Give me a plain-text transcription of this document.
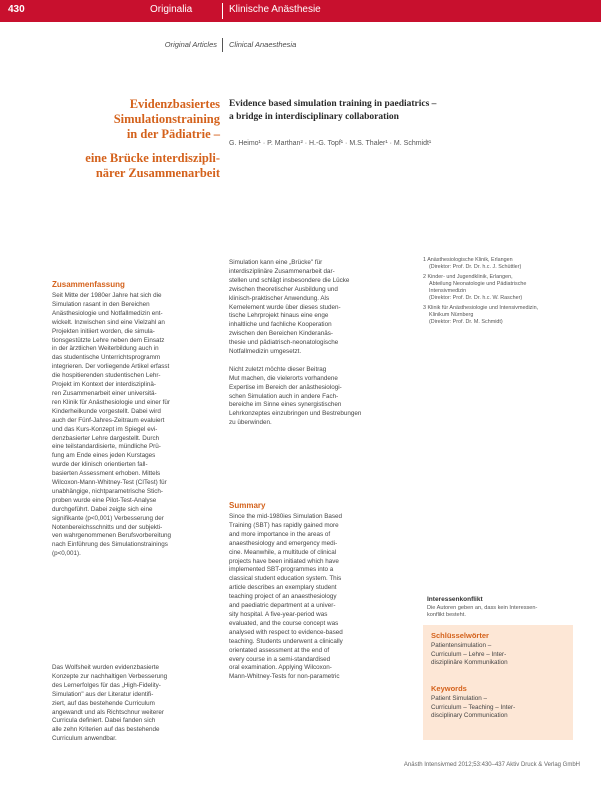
430	Originalia	Klinische Anästhesie
Original Articles Clinical Anaesthesia
Evidenzbasiertes
Simulationstraining
in der Pädiatrie –
eine Brücke interdiszipli-
närer Zusammenarbeit
Evidence based simulation training in paediatrics –
a bridge in interdisciplinary collaboration
G. Heimo¹ · P. Marthan² · H.-G. Topf¹ · M.S. Thaler¹ · M. Schmidt¹
Zusammenfassung
Seit Mitte der 1980er Jahre hat sich die
Simulation rasant in den Bereichen
Anästhesiologie und Notfallmedizin ent-
wickelt. Inzwischen sind eine Vielzahl an
Projekten initiiert worden, die simula-
tionsgestützte Lehre neben dem Einsatz
in der ärztlichen Weiterbildung auch in
das studentische Unterrichtsprogramm
integrieren. Der vorliegende Artikel erfasst
die hospitierenden studentischen Lehr-
Projekt im Kontext der interdisziplinä-
ren Zusammenarbeit einer universitä-
ren Klinik für Anästhesiologie und einer für
Kinderheilkunde vorgestellt. Dabei wird
auch der Fünf-Jahres-Zeitraum evaluiert
und das Kurs-Konzept im Spiegel evi-
denzbasierter Lehre dargestellt. Durch
eine teilstandardisierte, mündliche Prü-
fung am Ende eines jeden Kurstages
wurde der klinisch orientierten fall-
basierten Assessment erhoben. Mittels
Wilcoxon-Mann-Whitney-Test (CITest) für
unabhängige, nichtparametrische Stich-
proben wurde eine Pilot-Test-Analyse
durchgeführt. Dabei zeigte sich eine
signifikante (p<0,001) Verbesserung der
Notenbereichsschnitts und der subjekti-
ven wahrgenommenen Berufsvorbereitung
nach Einführung des Simulationstrainings
(p<0,001).
Das Wolfsheit wurden evidenzbasierte
Konzepte zur nachhaltigen Verbesserung
des Lernerfolges für das „High-Fidelity-
Simulation" aus der Literatur identifi-
ziert, auf das bestehende Curriculum
angewandt und als Richtschnur weiterer
Curricula definiert. Dabei fanden sich
alle zehn Kriterien auf das bestehende
Curriculum anwendbar.
Simulation kann eine „Brücke" für
interdisziplinäre Zusammenarbeit dar-
stellen und schlägt insbesondere die Lücke
zwischen theoretischer Ausbildung und
klinisch-praktischer Anwendung. Als
Kernelement wurde über dieses studen-
tische Lehrprojekt hinaus eine enge
inhaltliche und fachliche Kooperation
zwischen den Bereichen Kinderanäs-
thesie und pädiatrisch-neonatologische
Notfallmedizin umgesetzt.
Nicht zuletzt möchte dieser Beitrag
Mut machen, die vielerorts vorhandene
Expertise im Bereich der anästhesiologi-
schen Simulation auch in andere Fach-
bereiche im Sinne eines synergistischen
Lehrkonzeptes einzubringen und Bestrebungen
zu überwinden.
Summary
Since the mid-1980ies Simulation Based
Training (SBT) has rapidly gained more
and more importance in the areas of
anaesthesiology and emergency medi-
cine. Meanwhile, a multitude of clinical
projects have been initiated which have
implemented SBT-programmes into a
classical student education system. This
article describes an exemplary student
teaching project of an anaesthesiology
and paediatric department at a univer-
sity hospital. A five-year-period was
evaluated, and the course concept was
analysed with respect to evidence-based
teaching. Students underwent a clinically
orientated assessment at the end of
every course in a semi-standardised
oral examination. Applying Wilcoxon-
Mann-Whitney-Tests for non-parametric
1 Anästhesiologische Klinik, Erlangen
(Direktor: Prof. Dr. Dr. h.c. J. Schüttler)
2 Kinder- und Jugendklinik, Erlangen,
Abteilung Neonatologie und Pädiatrische
Intensivmedizin
(Direktor: Prof. Dr. Dr. h.c. W. Rascher)
3 Klinik für Anästhesiologie und Intensivmedizin,
Klinikum Nürnberg
(Direktor: Prof. Dr. M. Schmidt)
Interessenkonflikt
Die Autoren geben an, dass kein Interessen-
konflikt besteht.
Schlüsselwörter
Patientensimulation –
Curriculum – Lehre – Inter-
disziplinäre Kommunikation
Keywords
Patient Simulation –
Curriculum – Teaching – Inter-
disciplinary Communication
Anästh Intensivmed 2012;53:430–437 Aktiv Druck & Verlag GmbH
